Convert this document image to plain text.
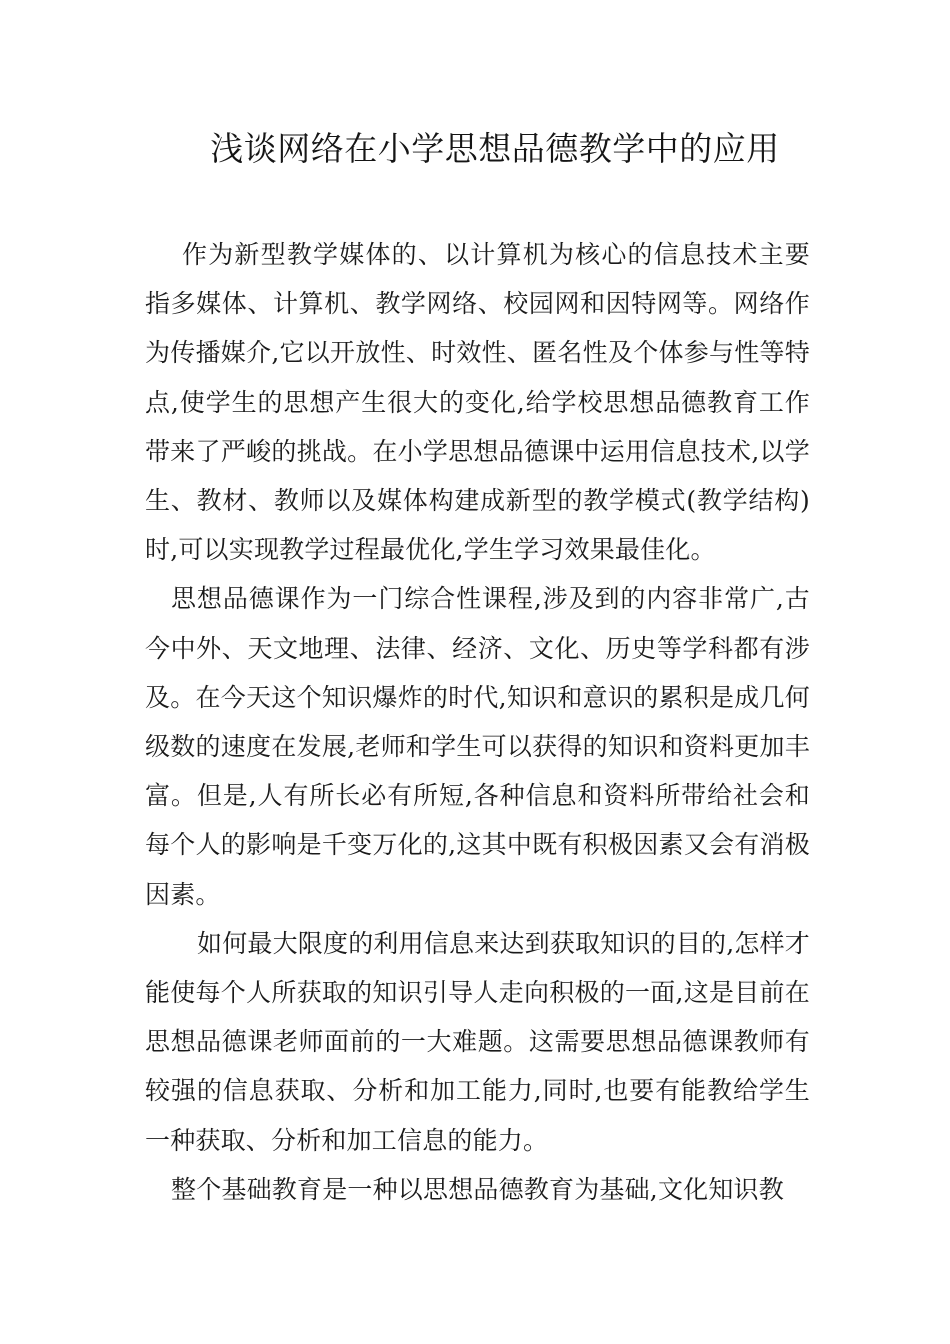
浅谈网络在小学思想品德教学中的应用

作为新型教学媒体的、以计算机为核心的信息技术主要指多媒体、计算机、教学网络、校园网和因特网等。网络作为传播媒介,它以开放性、时效性、匿名性及个体参与性等特点,使学生的思想产生很大的变化,给学校思想品德教育工作带来了严峻的挑战。在小学思想品德课中运用信息技术,以学生、教材、教师以及媒体构建成新型的教学模式(教学结构)时,可以实现教学过程最优化,学生学习效果最佳化。

思想品德课作为一门综合性课程,涉及到的内容非常广,古今中外、天文地理、法律、经济、文化、历史等学科都有涉及。在今天这个知识爆炸的时代,知识和意识的累积是成几何级数的速度在发展,老师和学生可以获得的知识和资料更加丰富。但是,人有所长必有所短,各种信息和资料所带给社会和每个人的影响是千变万化的,这其中既有积极因素又会有消极因素。

如何最大限度的利用信息来达到获取知识的目的,怎样才能使每个人所获取的知识引导人走向积极的一面,这是目前在思想品德课老师面前的一大难题。这需要思想品德课教师有较强的信息获取、分析和加工能力,同时,也要有能教给学生一种获取、分析和加工信息的能力。

整个基础教育是一种以思想品德教育为基础,文化知识教
